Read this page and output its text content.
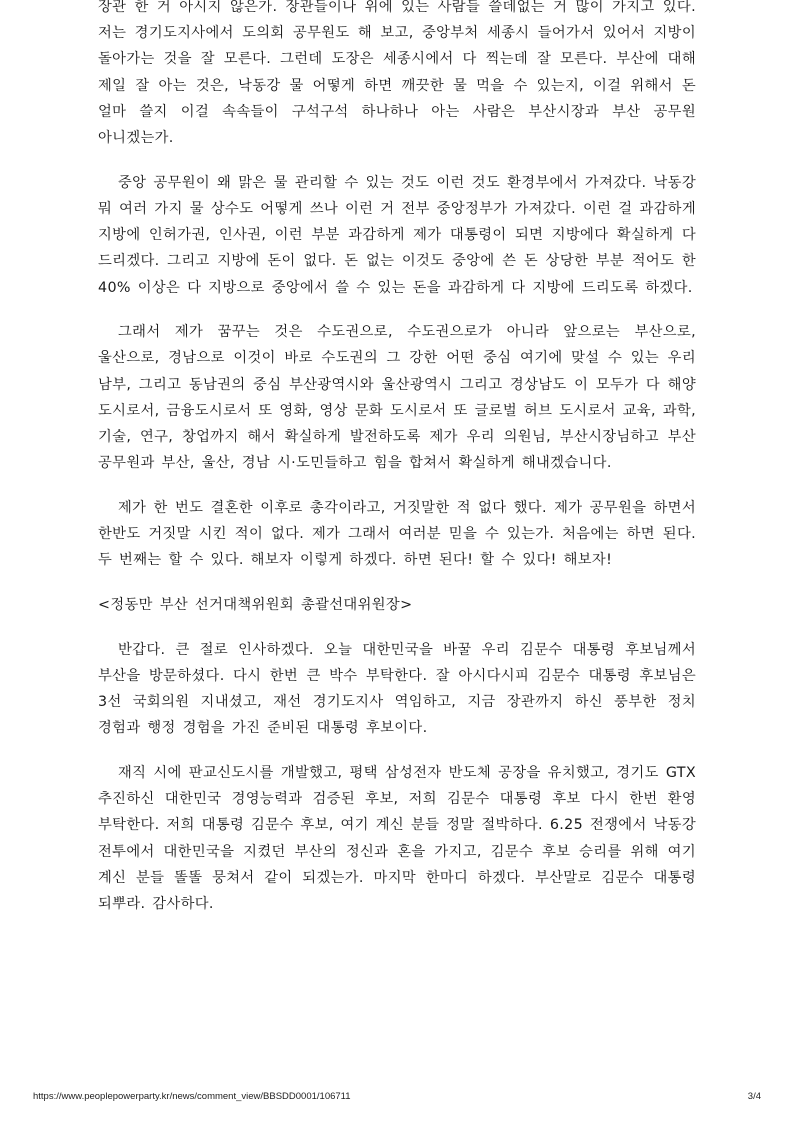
장관 한 거 아시지 않은가. 장관들이나 위에 있는 사람들 쓸데없는 거 많이 가지고 있다. 저는 경기도지사에서 도의회 공무원도 해 보고, 중앙부처 세종시 들어가서 있어서 지방이 돌아가는 것을 잘 모른다. 그런데 도장은 세종시에서 다 찍는데 잘 모른다. 부산에 대해 제일 잘 아는 것은, 낙동강 물 어떻게 하면 깨끗한 물 먹을 수 있는지, 이걸 위해서 돈 얼마 쓸지 이걸 속속들이 구석구석 하나하나 아는 사람은 부산시장과 부산 공무원 아니겠는가.

중앙 공무원이 왜 맑은 물 관리할 수 있는 것도 이런 것도 환경부에서 가져갔다. 낙동강 뭐 여러 가지 물 상수도 어떻게 쓰나 이런 거 전부 중앙정부가 가져갔다. 이런 걸 과감하게 지방에 인허가권, 인사권, 이런 부분 과감하게 제가 대통령이 되면 지방에다 확실하게 다 드리겠다. 그리고 지방에 돈이 없다. 돈 없는 이것도 중앙에 쓴 돈 상당한 부분 적어도 한 40% 이상은 다 지방으로 중앙에서 쓸 수 있는 돈을 과감하게 다 지방에 드리도록 하겠다.

그래서 제가 꿈꾸는 것은 수도권으로, 수도권으로가 아니라 앞으로는 부산으로, 울산으로, 경남으로 이것이 바로 수도권의 그 강한 어떤 중심 여기에 맞설 수 있는 우리 남부, 그리고 동남권의 중심 부산광역시와 울산광역시 그리고 경상남도 이 모두가 다 해양 도시로서, 금융도시로서 또 영화, 영상 문화 도시로서 또 글로벌 허브 도시로서 교육, 과학, 기술, 연구, 창업까지 해서 확실하게 발전하도록 제가 우리 의원님, 부산시장님하고 부산 공무원과 부산, 울산, 경남 시·도민들하고 힘을 합쳐서 확실하게 해내겠습니다.

제가 한 번도 결혼한 이후로 총각이라고, 거짓말한 적 없다 했다. 제가 공무원을 하면서 한반도 거짓말 시킨 적이 없다. 제가 그래서 여러분 믿을 수 있는가. 처음에는 하면 된다. 두 번째는 할 수 있다. 해보자 이렇게 하겠다. 하면 된다! 할 수 있다! 해보자!

<정동만 부산 선거대책위원회 총괄선대위원장>

반갑다. 큰 절로 인사하겠다. 오늘 대한민국을 바꿀 우리 김문수 대통령 후보님께서 부산을 방문하셨다. 다시 한번 큰 박수 부탁한다. 잘 아시다시피 김문수 대통령 후보님은 3선 국회의원 지내셨고, 재선 경기도지사 역임하고, 지금 장관까지 하신 풍부한 정치 경험과 행정 경험을 가진 준비된 대통령 후보이다.

재직 시에 판교신도시를 개발했고, 평택 삼성전자 반도체 공장을 유치했고, 경기도 GTX 추진하신 대한민국 경영능력과 검증된 후보, 저희 김문수 대통령 후보 다시 한번 환영 부탁한다. 저희 대통령 김문수 후보, 여기 계신 분들 정말 절박하다. 6.25 전쟁에서 낙동강 전투에서 대한민국을 지켰던 부산의 정신과 혼을 가지고, 김문수 후보 승리를 위해 여기 계신 분들 똘똘 뭉쳐서 같이 되겠는가. 마지막 한마디 하겠다. 부산말로 김문수 대통령 되뿌라. 감사하다.

https://www.peoplepowerparty.kr/news/comment_view/BBSDD0001/106711	3/4
